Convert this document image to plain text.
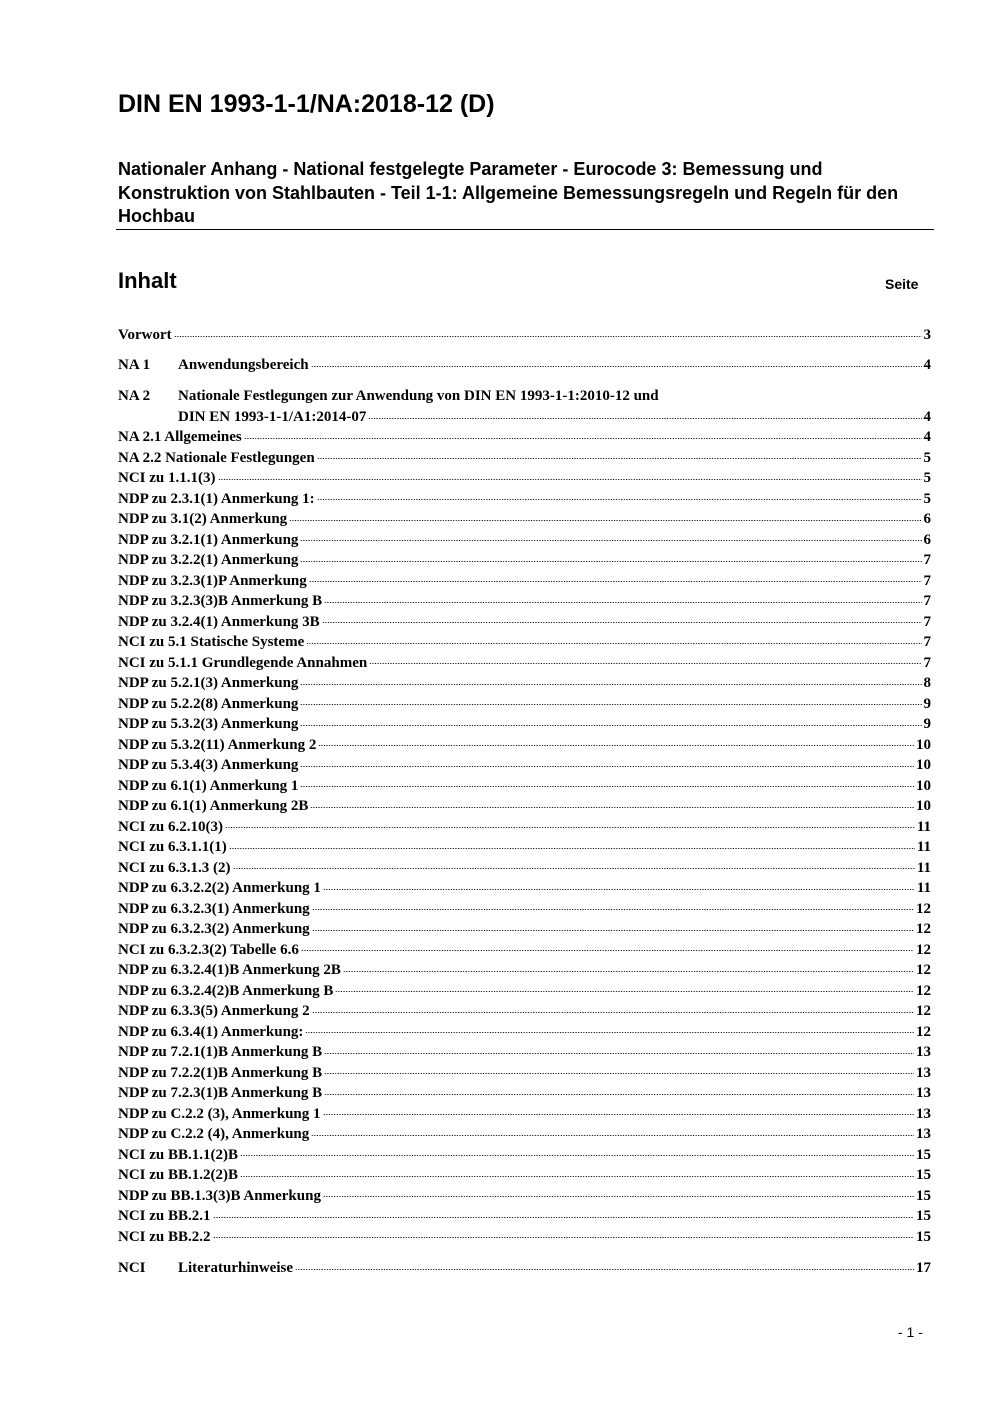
DIN EN 1993-1-1/NA:2018-12 (D)

Nationaler Anhang - National festgelegte Parameter - Eurocode 3: Bemessung und Konstruktion von Stahlbauten - Teil 1-1: Allgemeine Bemessungsregeln und Regeln für den Hochbau

Inhalt	Seite
Vorwort	3
NA 1	Anwendungsbereich	4
NA 2 Nationale Festlegungen zur Anwendung von DIN EN 1993-1-1:2010-12 und
DIN EN 1993-1-1/A1:2014-07	4
NA 2.1 Allgemeines	4
NA 2.2 Nationale Festlegungen	5
NCI zu 1.1.1(3)	5
NDP zu 2.3.1(1) Anmerkung 1:	5
NDP zu 3.1(2) Anmerkung	6
NDP zu 3.2.1(1) Anmerkung	6
NDP zu 3.2.2(1) Anmerkung	7
NDP zu 3.2.3(1)P Anmerkung	7
NDP zu 3.2.3(3)B Anmerkung B	7
NDP zu 3.2.4(1) Anmerkung 3B	7
NCI zu 5.1 Statische Systeme	7
NCI zu 5.1.1 Grundlegende Annahmen	7
NDP zu 5.2.1(3) Anmerkung	8
NDP zu 5.2.2(8) Anmerkung	9
NDP zu 5.3.2(3) Anmerkung	9
NDP zu 5.3.2(11) Anmerkung 2	10
NDP zu 5.3.4(3) Anmerkung	10
NDP zu 6.1(1) Anmerkung 1	10
NDP zu 6.1(1) Anmerkung 2B	10
NCI zu 6.2.10(3)	11
NCI zu 6.3.1.1(1)	11
NCI zu 6.3.1.3 (2)	11
NDP zu 6.3.2.2(2) Anmerkung 1	11
NDP zu 6.3.2.3(1) Anmerkung	12
NDP zu 6.3.2.3(2) Anmerkung	12
NCI zu 6.3.2.3(2) Tabelle 6.6	12
NDP zu 6.3.2.4(1)B Anmerkung 2B	12
NDP zu 6.3.2.4(2)B Anmerkung B	12
NDP zu 6.3.3(5) Anmerkung 2	12
NDP zu 6.3.4(1) Anmerkung:	12
NDP zu 7.2.1(1)B Anmerkung B	13
NDP zu 7.2.2(1)B Anmerkung B	13
NDP zu 7.2.3(1)B Anmerkung B	13
NDP zu C.2.2 (3), Anmerkung 1	13
NDP zu C.2.2 (4), Anmerkung	13
NCI zu BB.1.1(2)B	15
NCI zu BB.1.2(2)B	15
NDP zu BB.1.3(3)B Anmerkung	15
NCI zu BB.2.1	15
NCI zu BB.2.2	15
NCI	Literaturhinweise	17
- 1 -
